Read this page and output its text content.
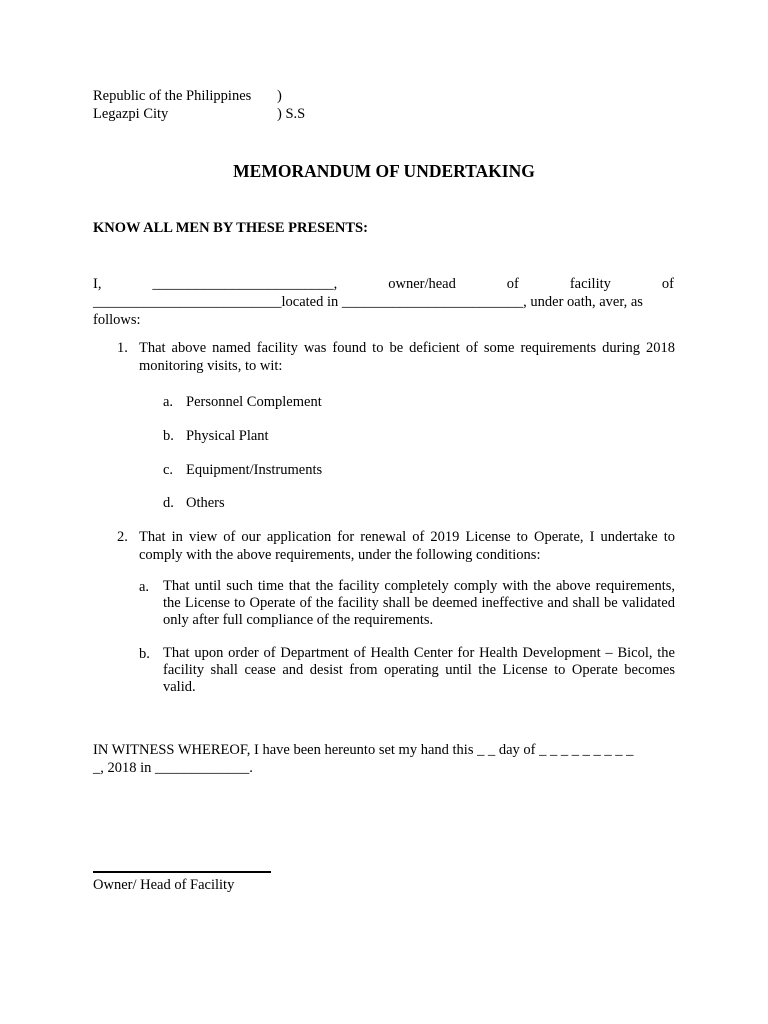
Republic of the Philippines )
Legazpi City	) S.S
MEMORANDUM OF UNDERTAKING
KNOW ALL MEN BY THESE PRESENTS:
I,	_________________________,	owner/head	of	facility	of
__________________________located in _________________________, under oath, aver, as
follows:
1. That above named facility was found to be deficient of some requirements during 2018 monitoring visits, to wit:
a. Personnel Complement
b. Physical Plant
c. Equipment/Instruments
d. Others
2. That in view of our application for renewal of 2019 License to Operate, I undertake to comply with the above requirements, under the following conditions:
a. That until such time that the facility completely comply with the above requirements, the License to Operate of the facility shall be deemed ineffective and shall be validated only after full compliance of the requirements.
b. That upon order of Department of Health Center for Health Development – Bicol, the facility shall cease and desist from operating until the License to Operate becomes valid.
IN WITNESS WHEREOF, I have been hereunto set my hand this _ _ day of _ _ _ _ _ _ _ _ _
_, 2018 in _____________.
Owner/ Head of Facility
